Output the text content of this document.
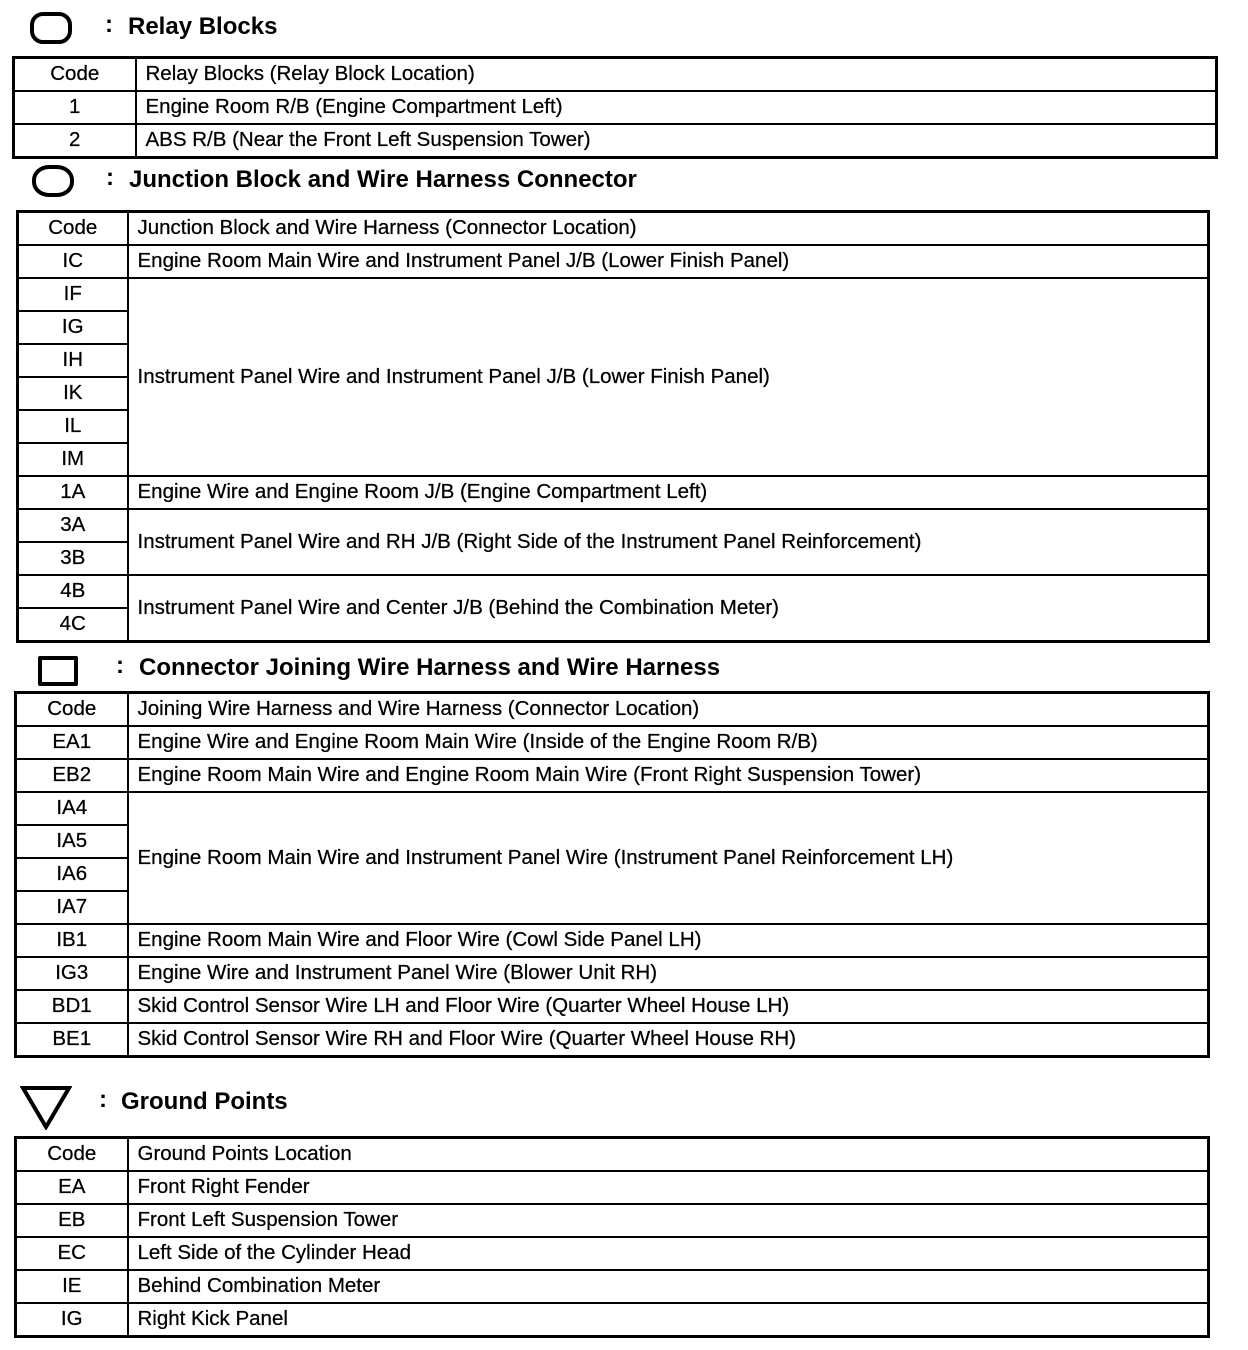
: Relay Blocks
Code	Relay Blocks (Relay Block Location)
1	Engine Room R/B (Engine Compartment Left)
2	ABS R/B (Near the Front Left Suspension Tower)
: Junction Block and Wire Harness Connector
Code	Junction Block and Wire Harness (Connector Location)
IC	Engine Room Main Wire and Instrument Panel J/B (Lower Finish Panel)
IF	Instrument Panel Wire and Instrument Panel J/B (Lower Finish Panel)
IG	
IH	
IK	
IL	
IM	
1A	Engine Wire and Engine Room J/B (Engine Compartment Left)
3A	Instrument Panel Wire and RH J/B (Right Side of the Instrument Panel Reinforcement)
3B	
4B	Instrument Panel Wire and Center J/B (Behind the Combination Meter)
4C	
: Connector Joining Wire Harness and Wire Harness
Code	Joining Wire Harness and Wire Harness (Connector Location)
EA1	Engine Wire and Engine Room Main Wire (Inside of the Engine Room R/B)
EB2	Engine Room Main Wire and Engine Room Main Wire (Front Right Suspension Tower)
IA4	Engine Room Main Wire and Instrument Panel Wire (Instrument Panel Reinforcement LH)
IA5	
IA6	
IA7	
IB1	Engine Room Main Wire and Floor Wire (Cowl Side Panel LH)
IG3	Engine Wire and Instrument Panel Wire (Blower Unit RH)
BD1	Skid Control Sensor Wire LH and Floor Wire (Quarter Wheel House LH)
BE1	Skid Control Sensor Wire RH and Floor Wire (Quarter Wheel House RH)
: Ground Points
Code	Ground Points Location
EA	Front Right Fender
EB	Front Left Suspension Tower
EC	Left Side of the Cylinder Head
IE	Behind Combination Meter
IG	Right Kick Panel
